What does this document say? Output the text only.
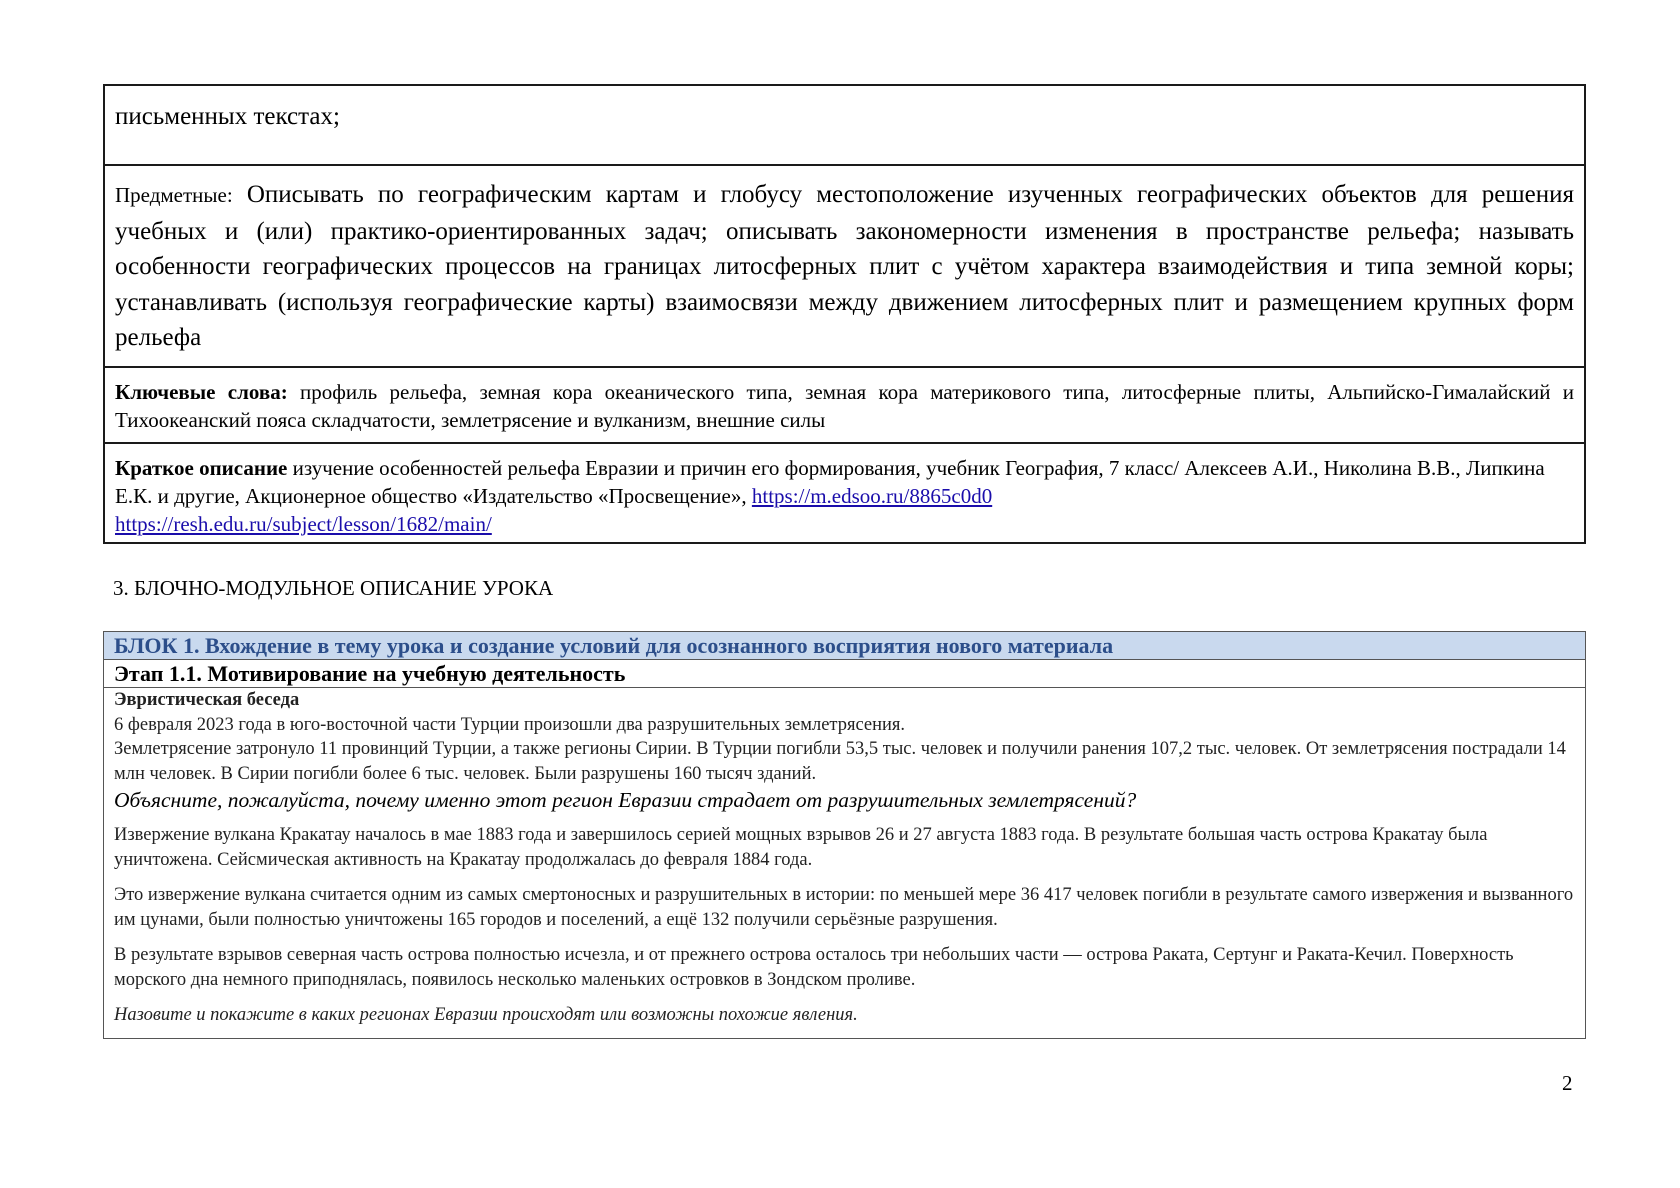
письменных текстах;
Предметные: Описывать по географическим картам и глобусу местоположение изученных географических объектов для решения учебных и (или) практико-ориентированных задач; описывать закономерности изменения в пространстве рельефа; называть особенности географических процессов на границах литосферных плит с учётом характера взаимодействия и типа земной коры; устанавливать (используя географические карты) взаимосвязи между движением литосферных плит и размещением крупных форм рельефа
Ключевые слова: профиль рельефа, земная кора океанического типа, земная кора материкового типа, литосферные плиты, Альпийско-Гималайский и Тихоокеанский пояса складчатости, землетрясение и вулканизм, внешние силы
Краткое описание изучение особенностей рельефа Евразии и причин его формирования, учебник География, 7 класс/ Алексеев А.И., Николина В.В., Липкина Е.К. и другие, Акционерное общество «Издательство «Просвещение», https://m.edsoo.ru/8865c0d0
https://resh.edu.ru/subject/lesson/1682/main/
3. БЛОЧНО-МОДУЛЬНОЕ ОПИСАНИЕ УРОКА
БЛОК 1. Вхождение в тему урока и создание условий для осознанного восприятия нового материала
Этап 1.1. Мотивирование на учебную деятельность

Эвристическая беседа

6 февраля 2023 года в юго-восточной части Турции произошли два разрушительных землетрясения.

Землетрясение затронуло 11 провинций Турции, а также регионы Сирии. В Турции погибли 53,5 тыс. человек и получили ранения 107,2 тыс. человек. От землетрясения пострадали 14 млн человек. В Сирии погибли более 6 тыс. человек. Были разрушены 160 тысяч зданий.

Объясните, пожалуйста, почему именно этот регион Евразии страдает от разрушительных землетрясений?

Извержение вулкана Кракатау началось в мае 1883 года и завершилось серией мощных взрывов 26 и 27 августа 1883 года. В результате большая часть острова Кракатау была уничтожена. Сейсмическая активность на Кракатау продолжалась до февраля 1884 года.

Это извержение вулкана считается одним из самых смертоносных и разрушительных в истории: по меньшей мере 36 417 человек погибли в результате самого извержения и вызванного им цунами, были полностью уничтожены 165 городов и поселений, а ещё 132 получили серьёзные разрушения.

В результате взрывов северная часть острова полностью исчезла, и от прежнего острова осталось три небольших части — острова Раката, Сертунг и Раката-Кечил. Поверхность морского дна немного приподнялась, появилось несколько маленьких островков в Зондском проливе.

Назовите и покажите в каких регионах Евразии происходят или возможны похожие явления.

2
